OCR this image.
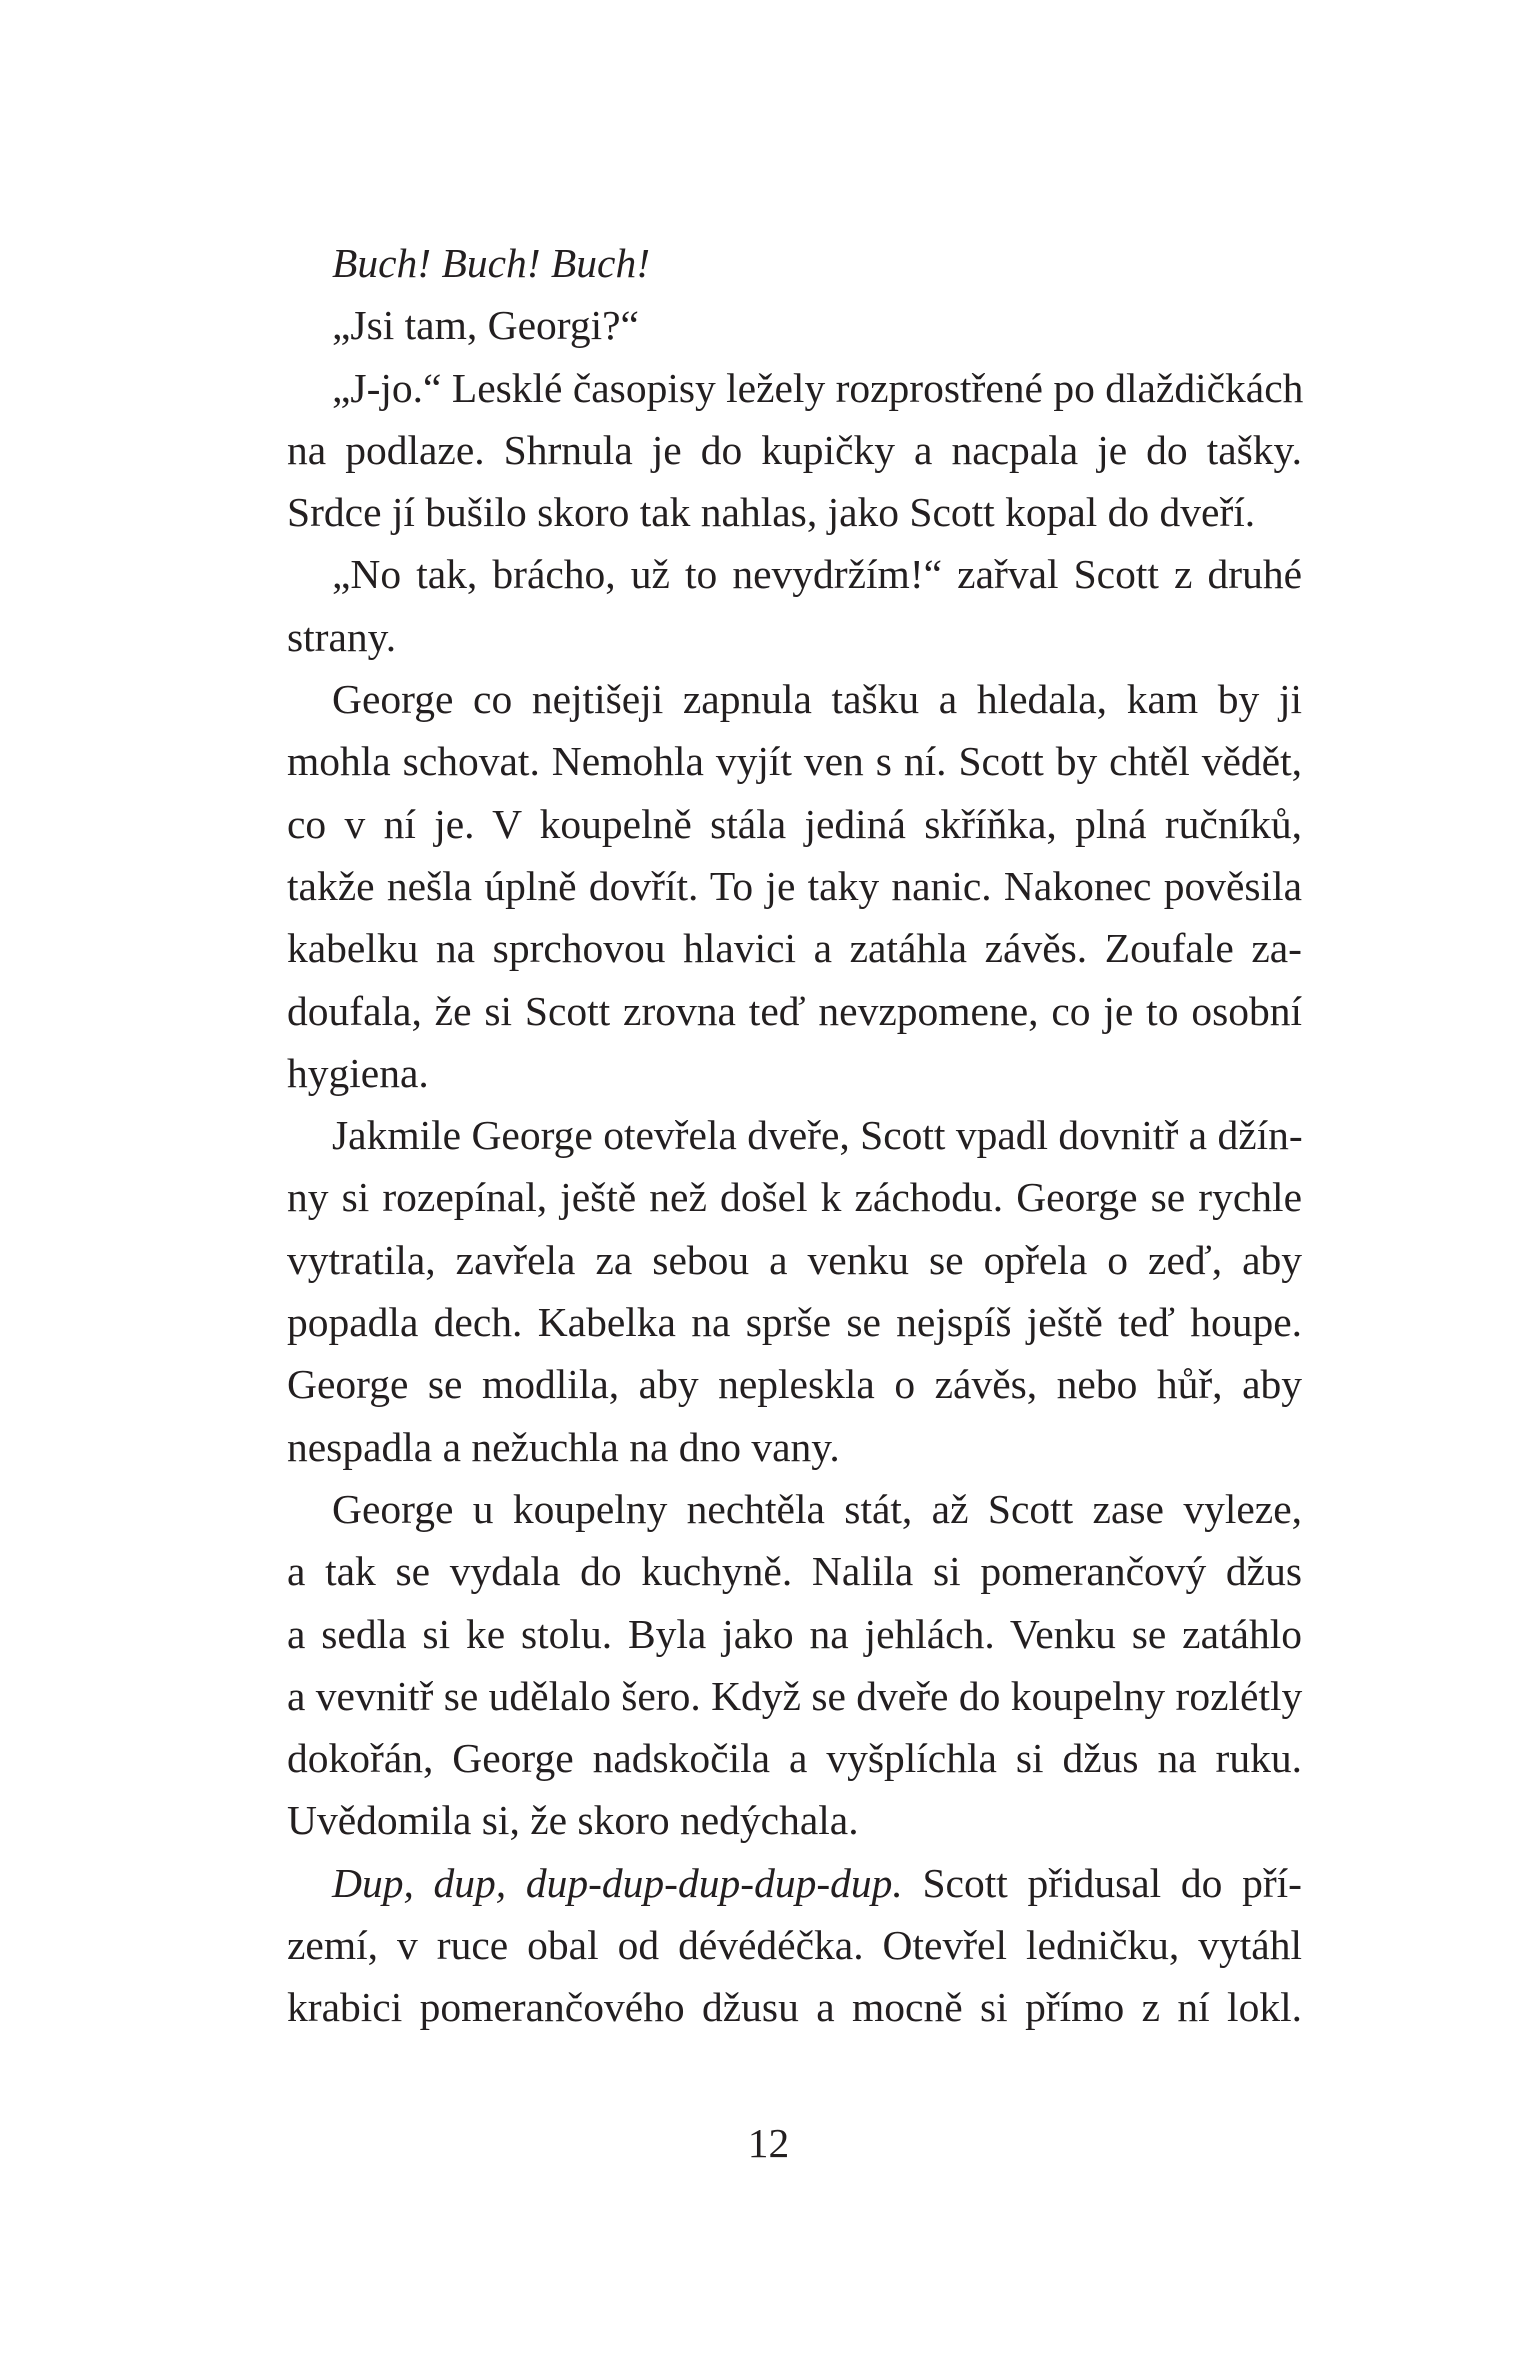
Buch! Buch! Buch!
„Jsi tam, Georgi?“
„J-jo.“ Lesklé časopisy ležely rozprostřené po dlaždičkách
na podlaze. Shrnula je do kupičky a nacpala je do tašky.
Srdce jí bušilo skoro tak nahlas, jako Scott kopal do dveří.
„No tak, brácho, už to nevydržím!“ zařval Scott z druhé
strany.
George co nejtišeji zapnula tašku a hledala, kam by ji
mohla schovat. Nemohla vyjít ven s ní. Scott by chtěl vědět,
co v ní je. V koupelně stála jediná skříňka, plná ručníků,
takže nešla úplně dovřít. To je taky nanic. Nakonec pověsila
kabelku na sprchovou hlavici a zatáhla závěs. Zoufale za-
doufala, že si Scott zrovna teď nevzpomene, co je to osobní
hygiena.
Jakmile George otevřela dveře, Scott vpadl dovnitř a džín-
ny si rozepínal, ještě než došel k záchodu. George se rychle
vytratila, zavřela za sebou a venku se opřela o zeď, aby
popadla dech. Kabelka na sprše se nejspíš ještě teď houpe.
George se modlila, aby nepleskla o závěs, nebo hůř, aby
nespadla a nežuchla na dno vany.
George u koupelny nechtěla stát, až Scott zase vyleze,
a tak se vydala do kuchyně. Nalila si pomerančový džus
a sedla si ke stolu. Byla jako na jehlách. Venku se zatáhlo
a vevnitř se udělalo šero. Když se dveře do koupelny rozlétly
dokořán, George nadskočila a vyšplíchla si džus na ruku.
Uvědomila si, že skoro nedýchala.
Dup, dup, dup-dup-dup-dup-dup. Scott přidusal do pří-
zemí, v ruce obal od dévédéčka. Otevřel ledničku, vytáhl
krabici pomerančového džusu a mocně si přímo z ní lokl.
12
